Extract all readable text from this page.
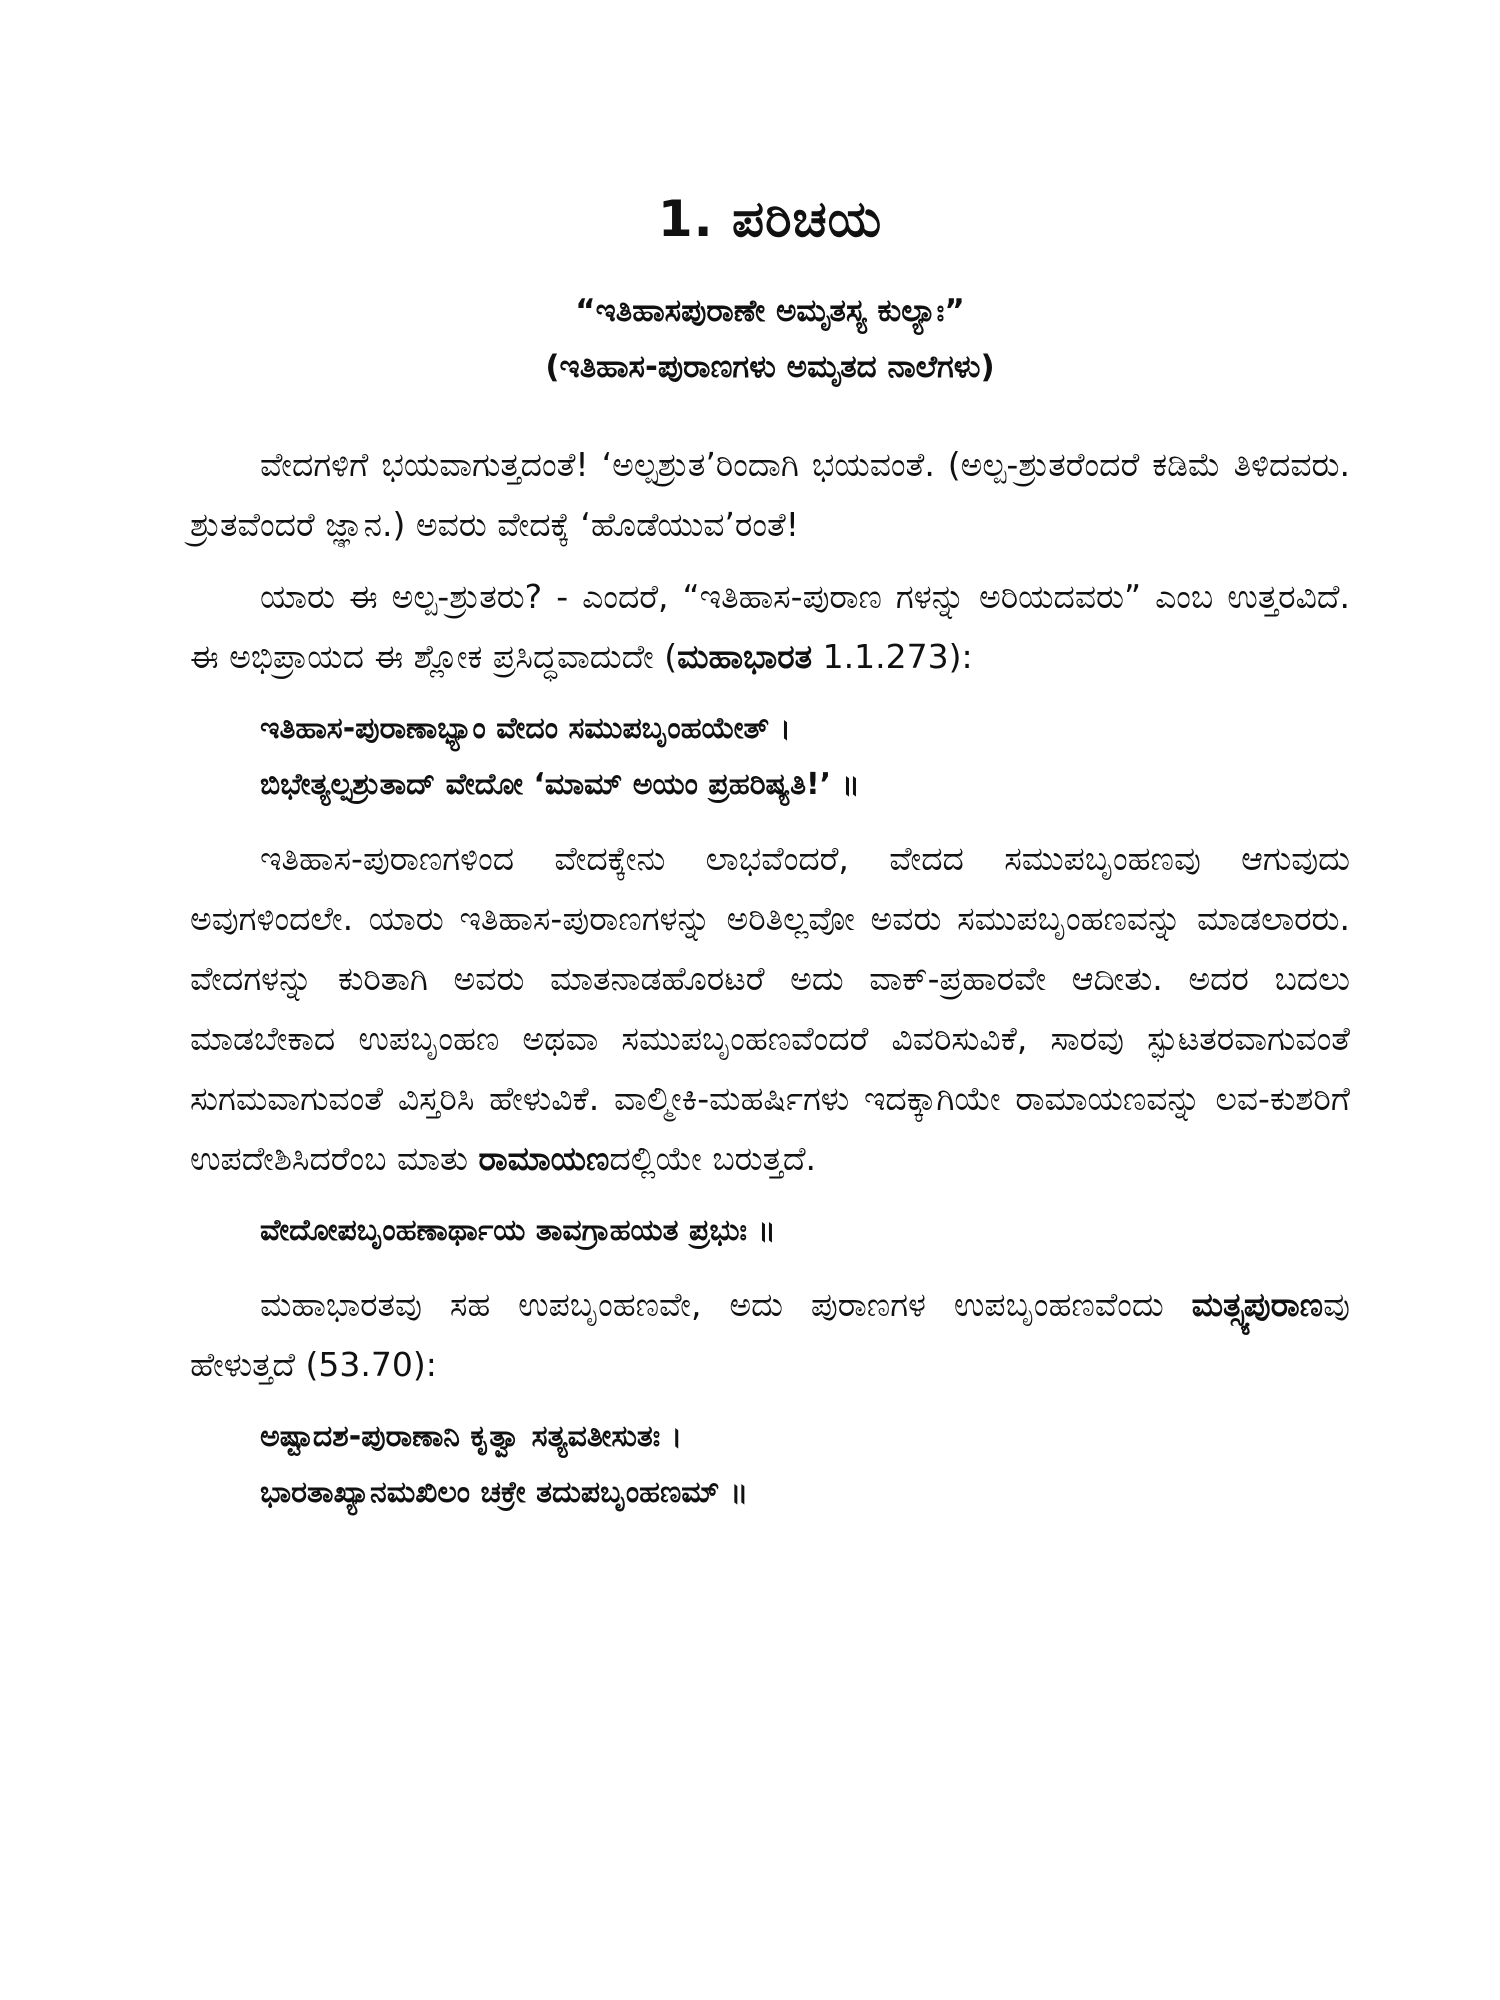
1. ಪರಿಚಯ
“ಇತಿಹಾಸಪುರಾಣೇ ಅಮೃತಸ್ಯ ಕುಲ್ಯಾಃ”
(ಇತಿಹಾಸ-ಪುರಾಣಗಳು ಅಮೃತದ ನಾಲೆಗಳು)

ವೇದಗಳಿಗೆ ಭಯವಾಗುತ್ತದಂತೆ! ‘ಅಲ್ಪಶ್ರುತ’ರಿಂದಾಗಿ ಭಯವಂತೆ. (ಅಲ್ಪ-ಶ್ರುತರೆಂದರೆ ಕಡಿಮೆ ತಿಳಿದವರು. ಶ್ರುತವೆಂದರೆ ಜ್ಞಾನ.) ಅವರು ವೇದಕ್ಕೆ ‘ಹೊಡೆಯುವ’ರಂತೆ!

ಯಾರು ಈ ಅಲ್ಪ-ಶ್ರುತರು? - ಎಂದರೆ, “ಇತಿಹಾಸ-ಪುರಾಣ ಗಳನ್ನು ಅರಿಯದವರು” ಎಂಬ ಉತ್ತರವಿದೆ. ಈ ಅಭಿಪ್ರಾಯದ ಈ ಶ್ಲೋಕ ಪ್ರಸಿದ್ಧವಾದುದೇ (ಮಹಾಭಾರತ 1.1.273):

ಇತಿಹಾಸ-ಪುರಾಣಾಭ್ಯಾಂ ವೇದಂ ಸಮುಪಬೃಂಹಯೇತ್ ।
ಬಿಭೇತ್ಯಲ್ಪಶ್ರುತಾದ್ ವೇದೋ ‘ಮಾಮ್ ಅಯಂ ಪ್ರಹರಿಷ್ಯತಿ!’ ॥

ಇತಿಹಾಸ-ಪುರಾಣಗಳಿಂದ ವೇದಕ್ಕೇನು ಲಾಭವೆಂದರೆ, ವೇದದ ಸಮುಪಬೃಂಹಣವು ಆಗುವುದು ಅವುಗಳಿಂದಲೇ. ಯಾರು ಇತಿಹಾಸ-ಪುರಾಣಗಳನ್ನು ಅರಿತಿಲ್ಲವೋ ಅವರು ಸಮುಪಬೃಂಹಣವನ್ನು ಮಾಡಲಾರರು. ವೇದಗಳನ್ನು ಕುರಿತಾಗಿ ಅವರು ಮಾತನಾಡಹೊರಟರೆ ಅದು ವಾಕ್-ಪ್ರಹಾರವೇ ಆದೀತು. ಅದರ ಬದಲು ಮಾಡಬೇಕಾದ ಉಪಬೃಂಹಣ ಅಥವಾ ಸಮುಪಬೃಂಹಣವೆಂದರೆ ವಿವರಿಸುವಿಕೆ, ಸಾರವು ಸ್ಫುಟತರವಾಗುವಂತೆ ಸುಗಮವಾಗುವಂತೆ ವಿಸ್ತರಿಸಿ ಹೇಳುವಿಕೆ. ವಾಲ್ಮೀಕಿ-ಮಹರ್ಷಿಗಳು ಇದಕ್ಕಾಗಿಯೇ ರಾಮಾಯಣವನ್ನು ಲವ-ಕುಶರಿಗೆ ಉಪದೇಶಿಸಿದರೆಂಬ ಮಾತು ರಾಮಾಯಣದಲ್ಲಿಯೇ ಬರುತ್ತದೆ.

ವೇದೋಪಬೃಂಹಣಾರ್ಥಾಯ ತಾವಗ್ರಾಹಯತ ಪ್ರಭುಃ ॥

ಮಹಾಭಾರತವು ಸಹ ಉಪಬೃಂಹಣವೇ, ಅದು ಪುರಾಣಗಳ ಉಪಬೃಂಹಣವೆಂದು ಮತ್ಸ್ಯಪುರಾಣವು ಹೇಳುತ್ತದೆ (53.70):

ಅಷ್ಟಾದಶ-ಪುರಾಣಾನಿ ಕೃತ್ವಾ ಸತ್ಯವತೀಸುತಃ ।
ಭಾರತಾಖ್ಯಾನಮಖಿಲಂ ಚಕ್ರೇ ತದುಪಬೃಂಹಣಮ್ ॥
